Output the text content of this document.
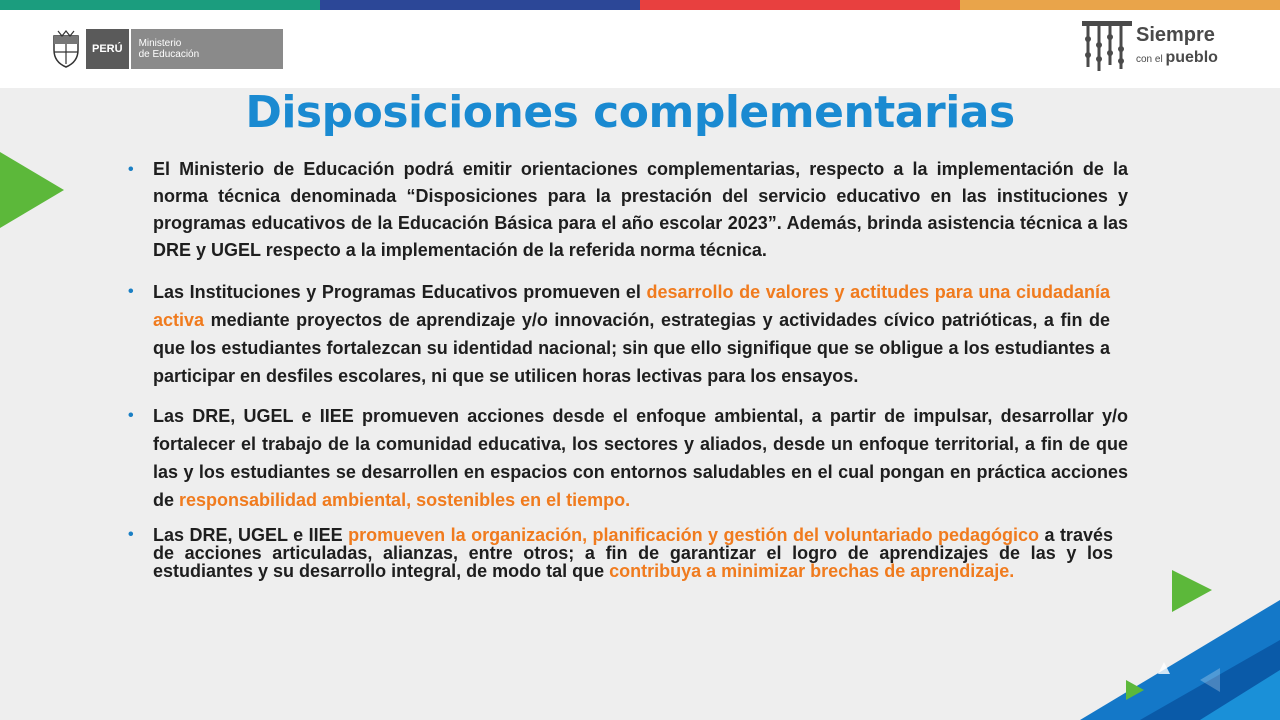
PERÚ	Ministerio
de Educación
Siempre
con el pueblo
Disposiciones complementarias
• El Ministerio de Educación podrá emitir orientaciones complementarias, respecto a la implementación de la norma técnica denominada “Disposiciones para la prestación del servicio educativo en las instituciones y programas educativos de la Educación Básica para el año escolar 2023”. Además, brinda asistencia técnica a las DRE y UGEL respecto a la implementación de la referida norma técnica.
• Las Instituciones y Programas Educativos promueven el desarrollo de valores y actitudes para una ciudadanía activa mediante proyectos de aprendizaje y/o innovación, estrategias y actividades cívico patrióticas, a fin de que los estudiantes fortalezcan su identidad nacional; sin que ello signifique que se obligue a los estudiantes a participar en desfiles escolares, ni que se utilicen horas lectivas para los ensayos.
• Las DRE, UGEL e IIEE promueven acciones desde el enfoque ambiental, a partir de impulsar, desarrollar y/o fortalecer el trabajo de la comunidad educativa, los sectores y aliados, desde un enfoque territorial, a fin de que las y los estudiantes se desarrollen en espacios con entornos saludables en el cual pongan en práctica acciones de responsabilidad ambiental, sostenibles en el tiempo.
• Las DRE, UGEL e IIEE promueven la organización, planificación y gestión del voluntariado pedagógico a través de acciones articuladas, alianzas, entre otros; a fin de garantizar el logro de aprendizajes de las y los estudiantes y su desarrollo integral, de modo tal que contribuya a minimizar brechas de aprendizaje.
